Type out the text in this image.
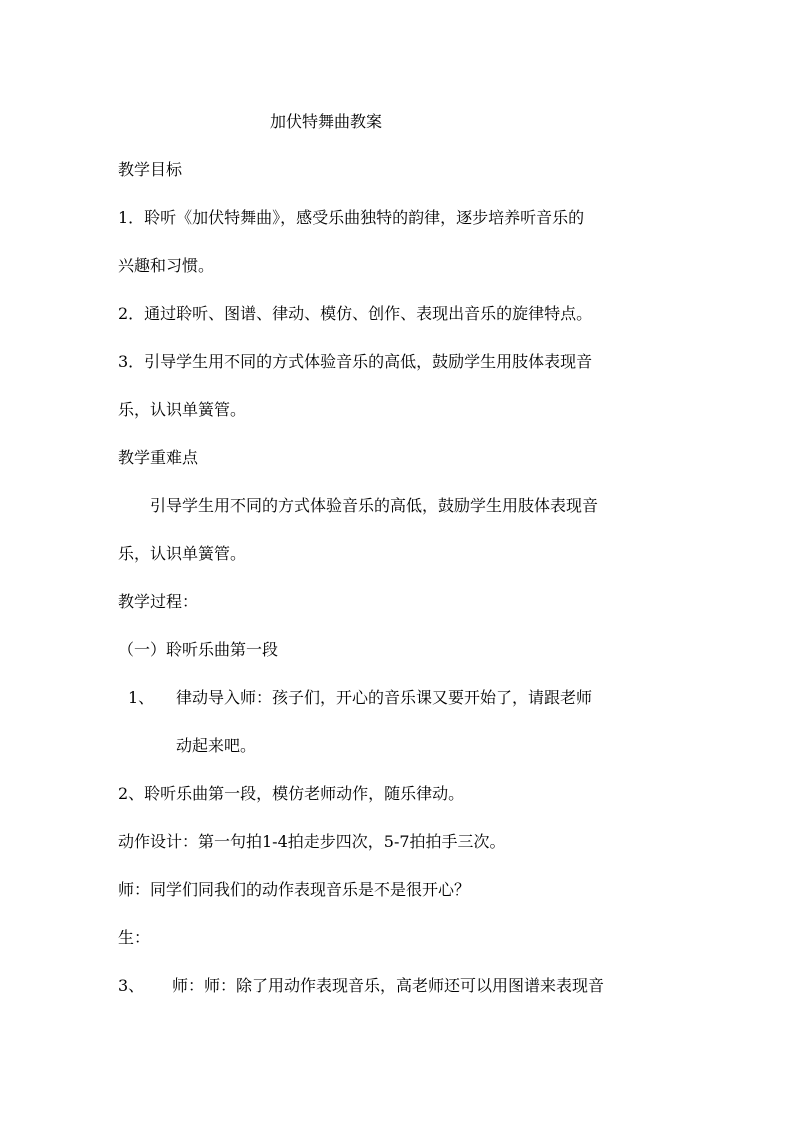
加伏特舞曲教案
教学目标
1．聆听《加伏特舞曲》，感受乐曲独特的韵律，逐步培养听音乐的
兴趣和习惯。
2．通过聆听、图谱、律动、模仿、创作、表现出音乐的旋律特点。
3．引导学生用不同的方式体验音乐的高低，鼓励学生用肢体表现音
乐，认识单簧管。
教学重难点
引导学生用不同的方式体验音乐的高低，鼓励学生用肢体表现音
乐，认识单簧管。
教学过程：
（一）聆听乐曲第一段
1、 律动导入师：孩子们，开心的音乐课又要开始了，请跟老师
动起来吧。
2、聆听乐曲第一段，模仿老师动作，随乐律动。
动作设计：第一句拍1-4拍走步四次，5-7拍拍手三次。
师：同学们同我们的动作表现音乐是不是很开心？
生：
3、 师：师：除了用动作表现音乐，高老师还可以用图谱来表现音
